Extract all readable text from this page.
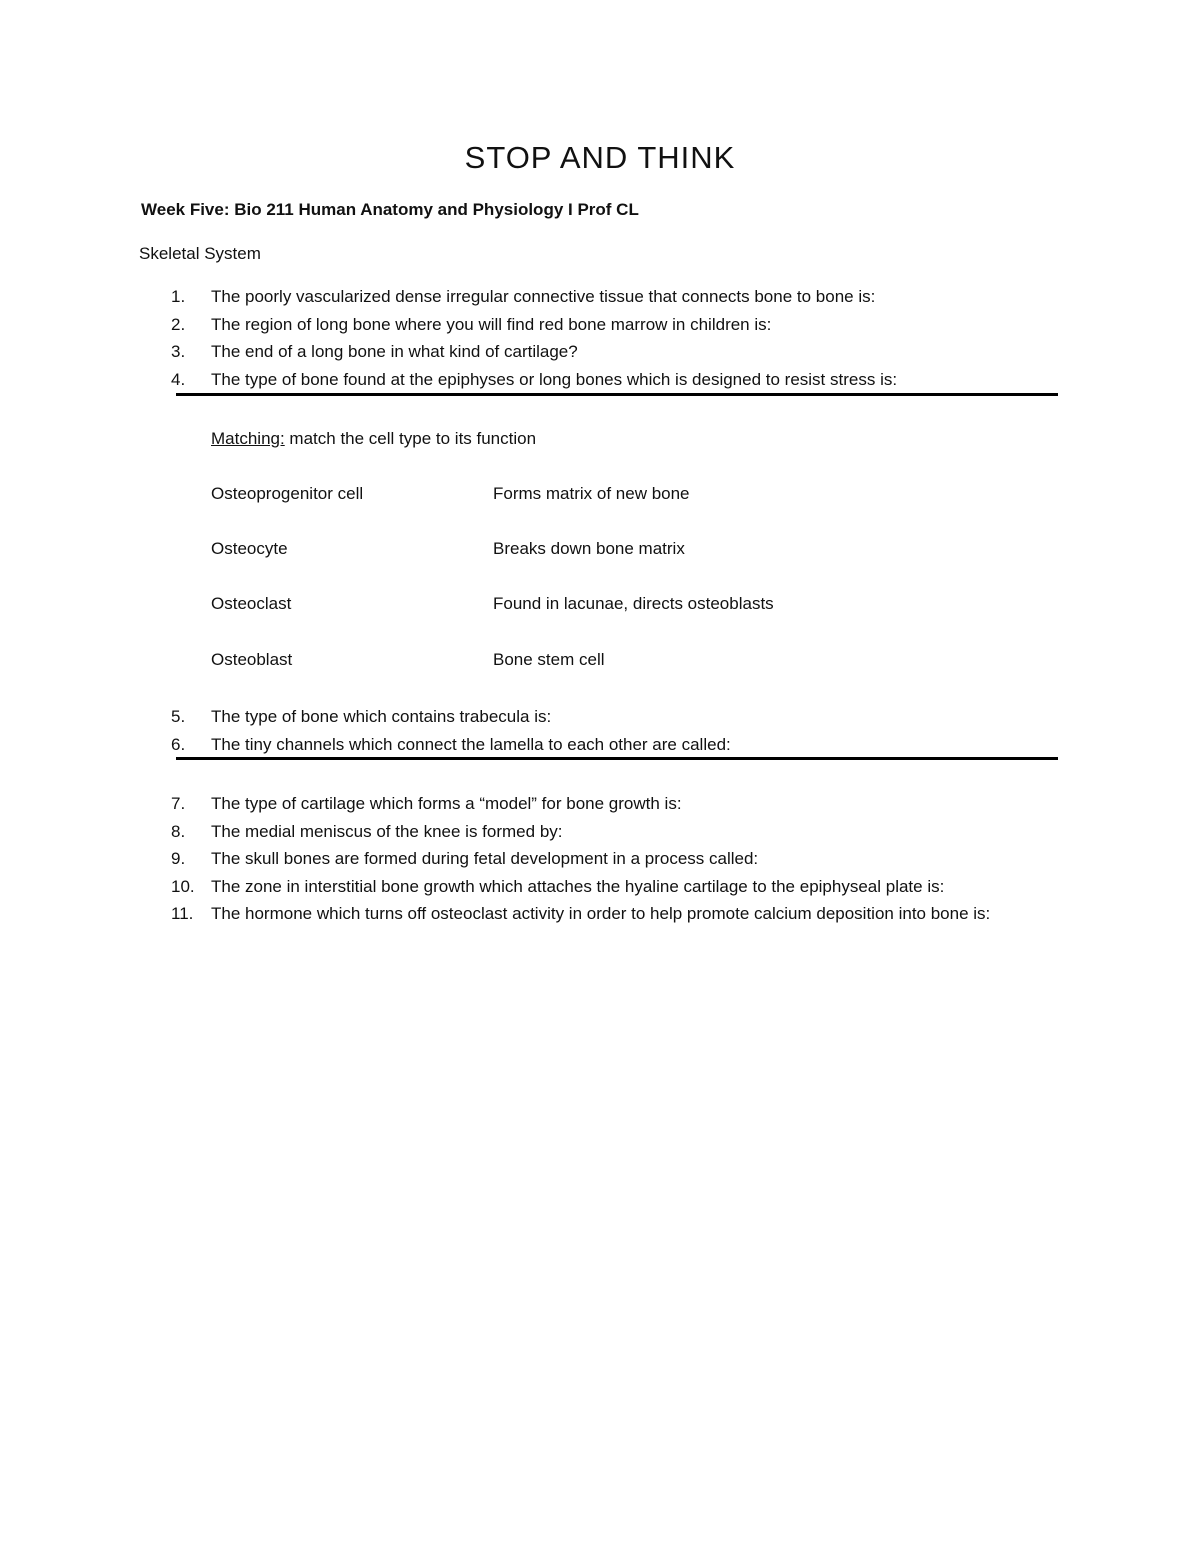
STOP AND THINK
Week Five: Bio 211 Human Anatomy and Physiology I Prof CL
Skeletal System
1. The poorly vascularized dense irregular connective tissue that connects bone to bone is:
2. The region of long bone where you will find red bone marrow in children is:
3. The end of a long bone in what kind of cartilage?
4. The type of bone found at the epiphyses or long bones which is designed to resist stress is:
Matching: match the cell type to its function
Osteoprogenitor cell	Forms matrix of new bone
Osteocyte	Breaks down bone matrix
Osteoclast	Found in lacunae, directs osteoblasts
Osteoblast	Bone stem cell
5. The type of bone which contains trabecula is:
6. The tiny channels which connect the lamella to each other are called:
7. The type of cartilage which forms a “model” for bone growth is:
8. The medial meniscus of the knee is formed by:
9. The skull bones are formed during fetal development in a process called:
10. The zone in interstitial bone growth which attaches the hyaline cartilage to the epiphyseal plate is:
11. The hormone which turns off osteoclast activity in order to help promote calcium deposition into bone is:
